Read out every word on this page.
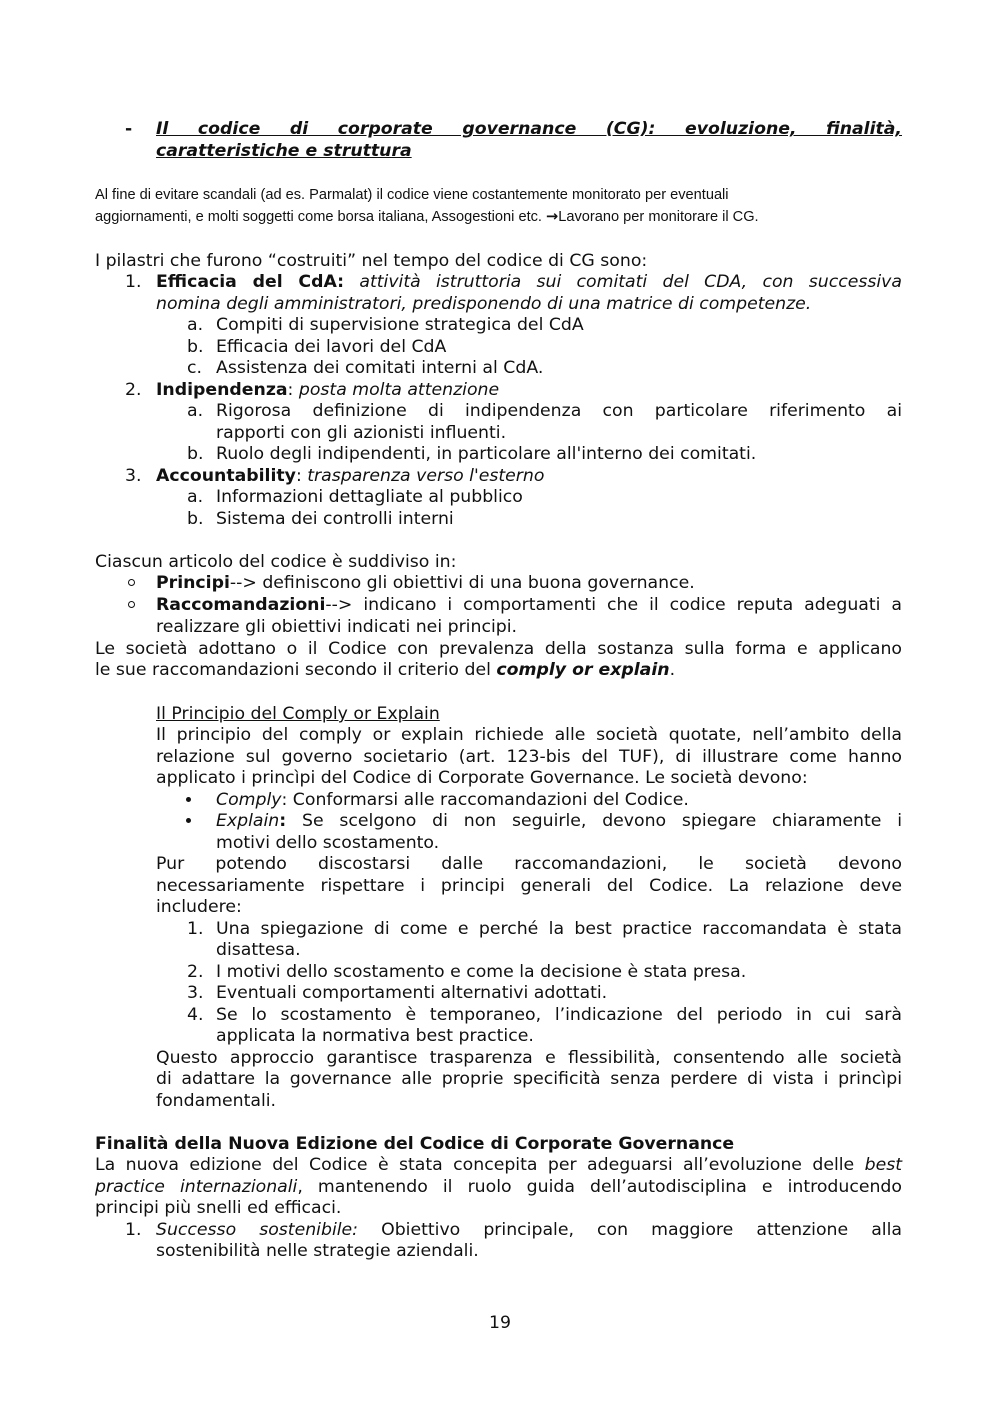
- Il codice di corporate governance (CG): evoluzione, finalità,
caratteristiche e struttura
Al fine di evitare scandali (ad es. Parmalat) il codice viene costantemente monitorato per eventuali
aggiornamenti, e molti soggetti come borsa italiana, Assogestioni etc. →Lavorano per monitorare il CG.
I pilastri che furono “costruiti” nel tempo del codice di CG sono:
1. Efficacia del CdA: attività istruttoria sui comitati del CDA, con successiva
nomina degli amministratori, predisponendo di una matrice di competenze.
a. Compiti di supervisione strategica del CdA
b. Efficacia dei lavori del CdA
c. Assistenza dei comitati interni al CdA.
2. Indipendenza: posta molta attenzione
a. Rigorosa definizione di indipendenza con particolare riferimento ai
rapporti con gli azionisti influenti.
b. Ruolo degli indipendenti, in particolare all'interno dei comitati.
3. Accountability: trasparenza verso l'esterno
a. Informazioni dettagliate al pubblico
b. Sistema dei controlli interni
Ciascun articolo del codice è suddiviso in:
Principi--> definiscono gli obiettivi di una buona governance.
Raccomandazioni--> indicano i comportamenti che il codice reputa adeguati a
realizzare gli obiettivi indicati nei principi.
Le società adottano o il Codice con prevalenza della sostanza sulla forma e applicano
le sue raccomandazioni secondo il criterio del comply or explain.
Il Principio del Comply or Explain
Il principio del comply or explain richiede alle società quotate, nell’ambito della
relazione sul governo societario (art. 123-bis del TUF), di illustrare come hanno
applicato i princìpi del Codice di Corporate Governance. Le società devono:
Comply: Conformarsi alle raccomandazioni del Codice.
Explain: Se scelgono di non seguirle, devono spiegare chiaramente i
motivi dello scostamento.
Pur potendo discostarsi dalle raccomandazioni, le società devono
necessariamente rispettare i principi generali del Codice. La relazione deve
includere:
1. Una spiegazione di come e perché la best practice raccomandata è stata
disattesa.
2. I motivi dello scostamento e come la decisione è stata presa.
3. Eventuali comportamenti alternativi adottati.
4. Se lo scostamento è temporaneo, l’indicazione del periodo in cui sarà
applicata la normativa best practice.
Questo approccio garantisce trasparenza e flessibilità, consentendo alle società
di adattare la governance alle proprie specificità senza perdere di vista i princìpi
fondamentali.
Finalità della Nuova Edizione del Codice di Corporate Governance
La nuova edizione del Codice è stata concepita per adeguarsi all’evoluzione delle best
practice internazionali, mantenendo il ruolo guida dell’autodisciplina e introducendo
principi più snelli ed efficaci.
1. Successo sostenibile: Obiettivo principale, con maggiore attenzione alla
sostenibilità nelle strategie aziendali.
19
